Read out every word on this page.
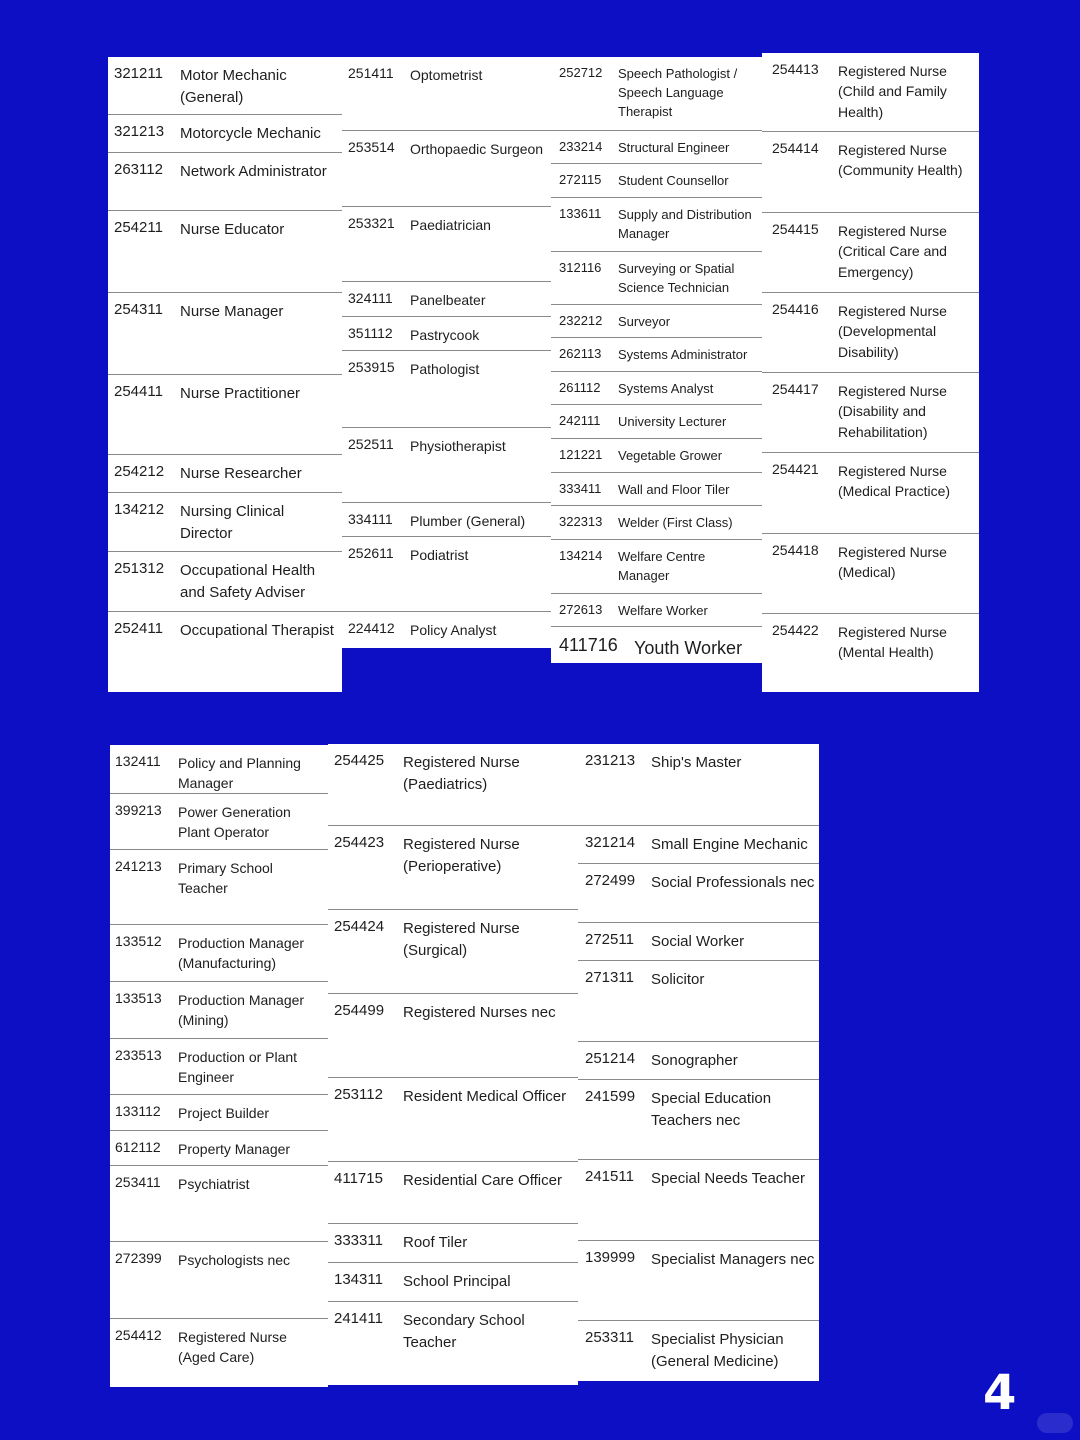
321211 Motor Mechanic (General)
321213 Motorcycle Mechanic
263112 Network Administrator
254211 Nurse Educator
254311 Nurse Manager
254411 Nurse Practitioner
254212 Nurse Researcher
134212 Nursing Clinical Director
251312 Occupational Health and Safety Adviser
252411 Occupational Therapist
251411 Optometrist
253514 Orthopaedic Surgeon
253321 Paediatrician
324111 Panelbeater
351112 Pastrycook
253915 Pathologist
252511 Physiotherapist
334111 Plumber (General)
252611 Podiatrist
224412 Policy Analyst
252712 Speech Pathologist / Speech Language Therapist
233214 Structural Engineer
272115 Student Counsellor
133611 Supply and Distribution Manager
312116 Surveying or Spatial Science Technician
232212 Surveyor
262113 Systems Administrator
261112 Systems Analyst
242111 University Lecturer
121221 Vegetable Grower
333411 Wall and Floor Tiler
322313 Welder (First Class)
134214 Welfare Centre Manager
272613 Welfare Worker
411716 Youth Worker
254413 Registered Nurse (Child and Family Health)
254414 Registered Nurse (Community Health)
254415 Registered Nurse (Critical Care and Emergency)
254416 Registered Nurse (Developmental Disability)
254417 Registered Nurse (Disability and Rehabilitation)
254421 Registered Nurse (Medical Practice)
254418 Registered Nurse (Medical)
254422 Registered Nurse (Mental Health)
132411 Policy and Planning Manager
399213 Power Generation Plant Operator
241213 Primary School Teacher
133512 Production Manager (Manufacturing)
133513 Production Manager (Mining)
233513 Production or Plant Engineer
133112 Project Builder
612112 Property Manager
253411 Psychiatrist
272399 Psychologists nec
254412 Registered Nurse (Aged Care)
254425 Registered Nurse (Paediatrics)
254423 Registered Nurse (Perioperative)
254424 Registered Nurse (Surgical)
254499 Registered Nurses nec
253112 Resident Medical Officer
411715 Residential Care Officer
333311 Roof Tiler
134311 School Principal
241411 Secondary School Teacher
231213 Ship's Master
321214 Small Engine Mechanic
272499 Social Professionals nec
272511 Social Worker
271311 Solicitor
251214 Sonographer
241599 Special Education Teachers nec
241511 Special Needs Teacher
139999 Specialist Managers nec
253311 Specialist Physician (General Medicine)
4
